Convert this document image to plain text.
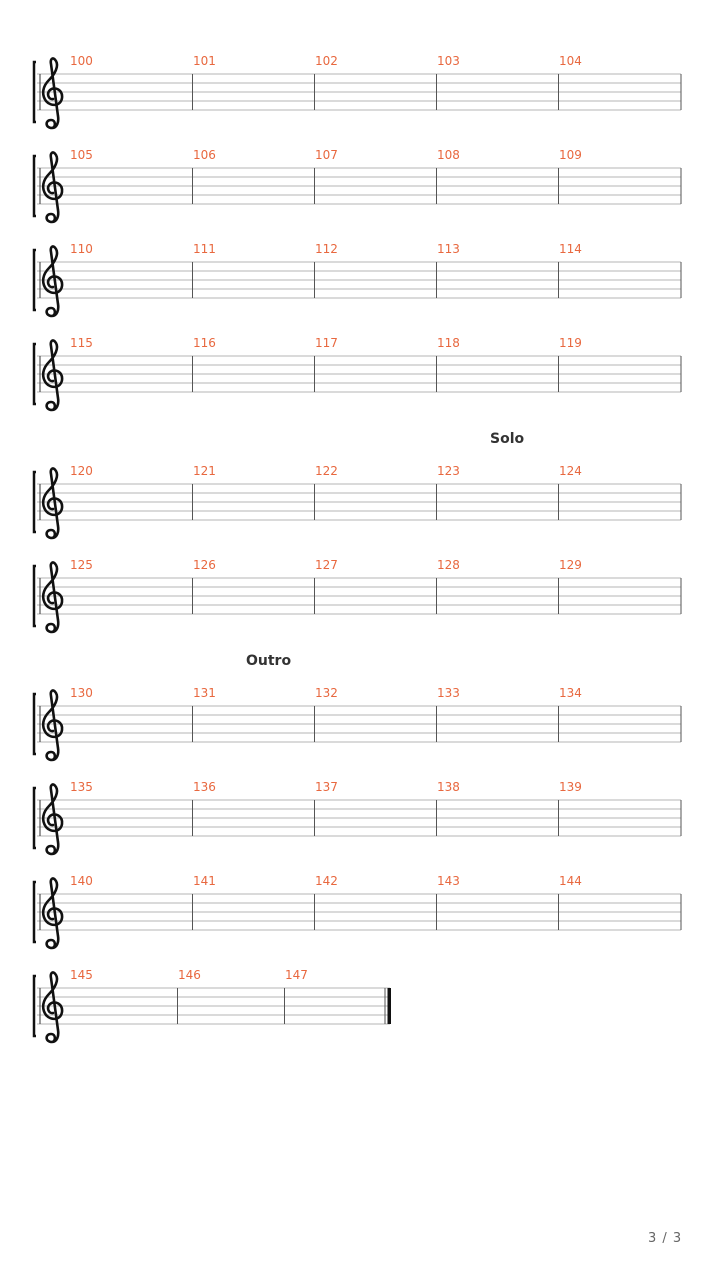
100	101	102	103	104
105	106	107	108	109
110	111	112	113	114
115	116	117	118	119
120	121	122	123	124
Solo
125	126	127	128	129
130	131	132	133	134
Outro
135	136	137	138	139
140	141	142	143	144
145	146	147
3 / 3
